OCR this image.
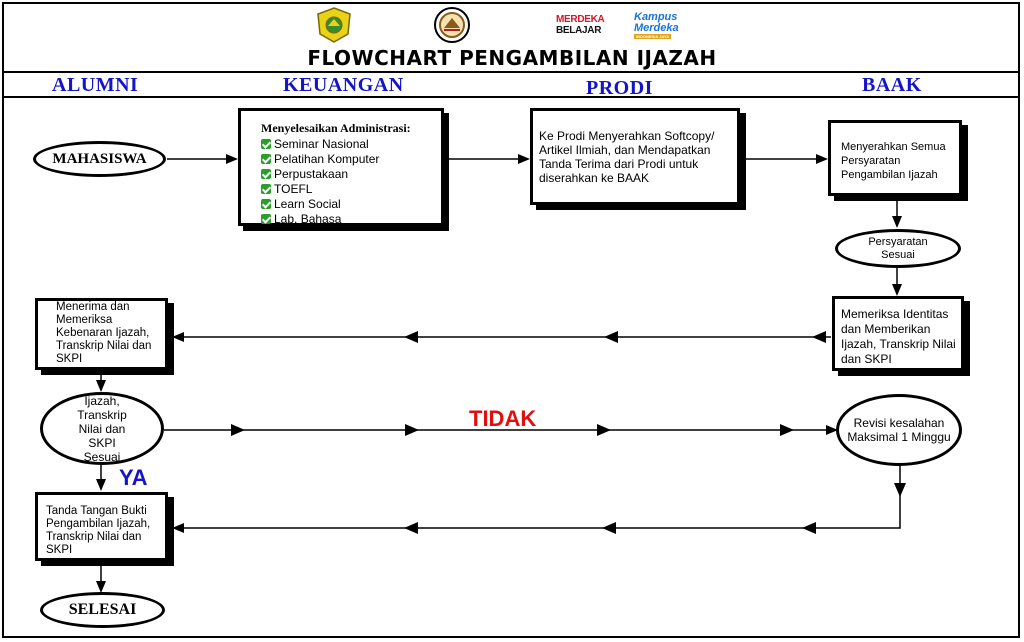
MERDEKA
BELAJAR
Kampus
Merdeka
INDONESIA JAYA
FLOWCHART PENGAMBILAN IJAZAH
ALUMNI	KEUANGAN	PRODI	BAAK
MAHASISWA
Menyelesaikan Administrasi:
Seminar Nasional
Pelatihan Komputer
Perpustakaan
TOEFL
Learn Social
Lab. Bahasa
Ke Prodi Menyerahkan Softcopy/ Artikel Ilmiah, dan Mendapatkan Tanda Terima dari Prodi untuk diserahkan ke BAAK
Menyerahkan Semua Persyaratan Pengambilan Ijazah
Persyaratan Sesuai
Memeriksa Identitas dan Memberikan Ijazah, Transkrip Nilai dan SKPI
Menerima dan Memeriksa Kebenaran Ijazah, Transkrip Nilai dan SKPI
Ijazah, Transkrip Nilai dan SKPI Sesuai
TIDAK
YA
Revisi kesalahan Maksimal 1 Minggu
Tanda Tangan Bukti Pengambilan Ijazah, Transkrip Nilai dan SKPI
SELESAI
